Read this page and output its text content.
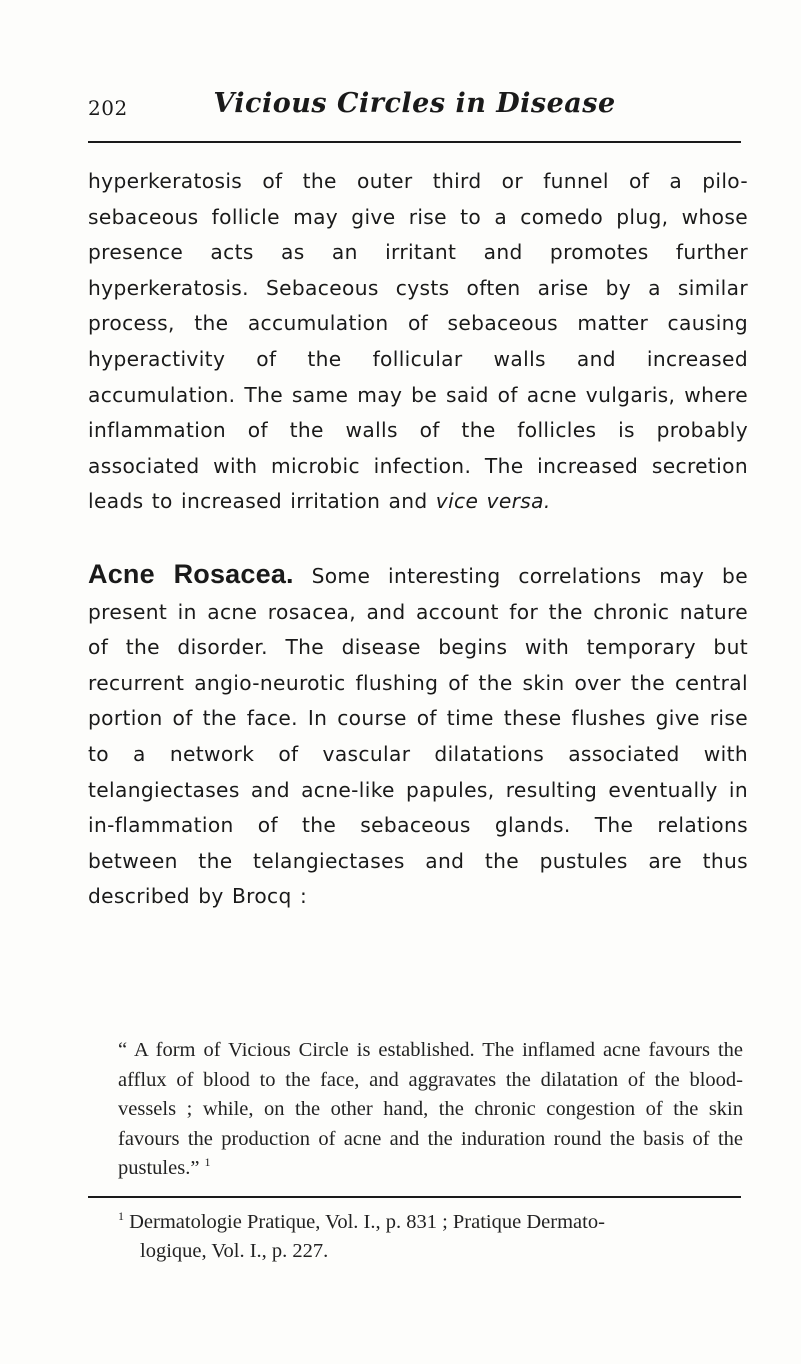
202	Vicious Circles in Disease

hyperkeratosis of the outer third or funnel of a pilo-sebaceous follicle may give rise to a comedo plug, whose presence acts as an irritant and promotes further hyperkeratosis. Sebaceous cysts often arise by a similar process, the accumulation of sebaceous matter causing hyperactivity of the follicular walls and increased accumulation. The same may be said of acne vulgaris, where inflammation of the walls of the follicles is probably associated with microbic infection. The increased secretion leads to increased irritation and vice versa.

Acne Rosacea. Some interesting correlations may be present in acne rosacea, and account for the chronic nature of the disorder. The disease begins with temporary but recurrent angio-neurotic flushing of the skin over the central portion of the face. In course of time these flushes give rise to a network of vascular dilatations associated with telangiectases and acne-like papules, resulting eventually in in-flammation of the sebaceous glands. The relations between the telangiectases and the pustules are thus described by Brocq :

“ A form of Vicious Circle is established. The inflamed acne favours the afflux of blood to the face, and aggravates the dilatation of the blood-vessels ; while, on the other hand, the chronic congestion of the skin favours the production of acne and the induration round the basis of the pustules.” $^1$
$^1$ Dermatologie Pratique, Vol. I., p. 831 ; Pratique Dermato-
logique, Vol. I., p. 227.
